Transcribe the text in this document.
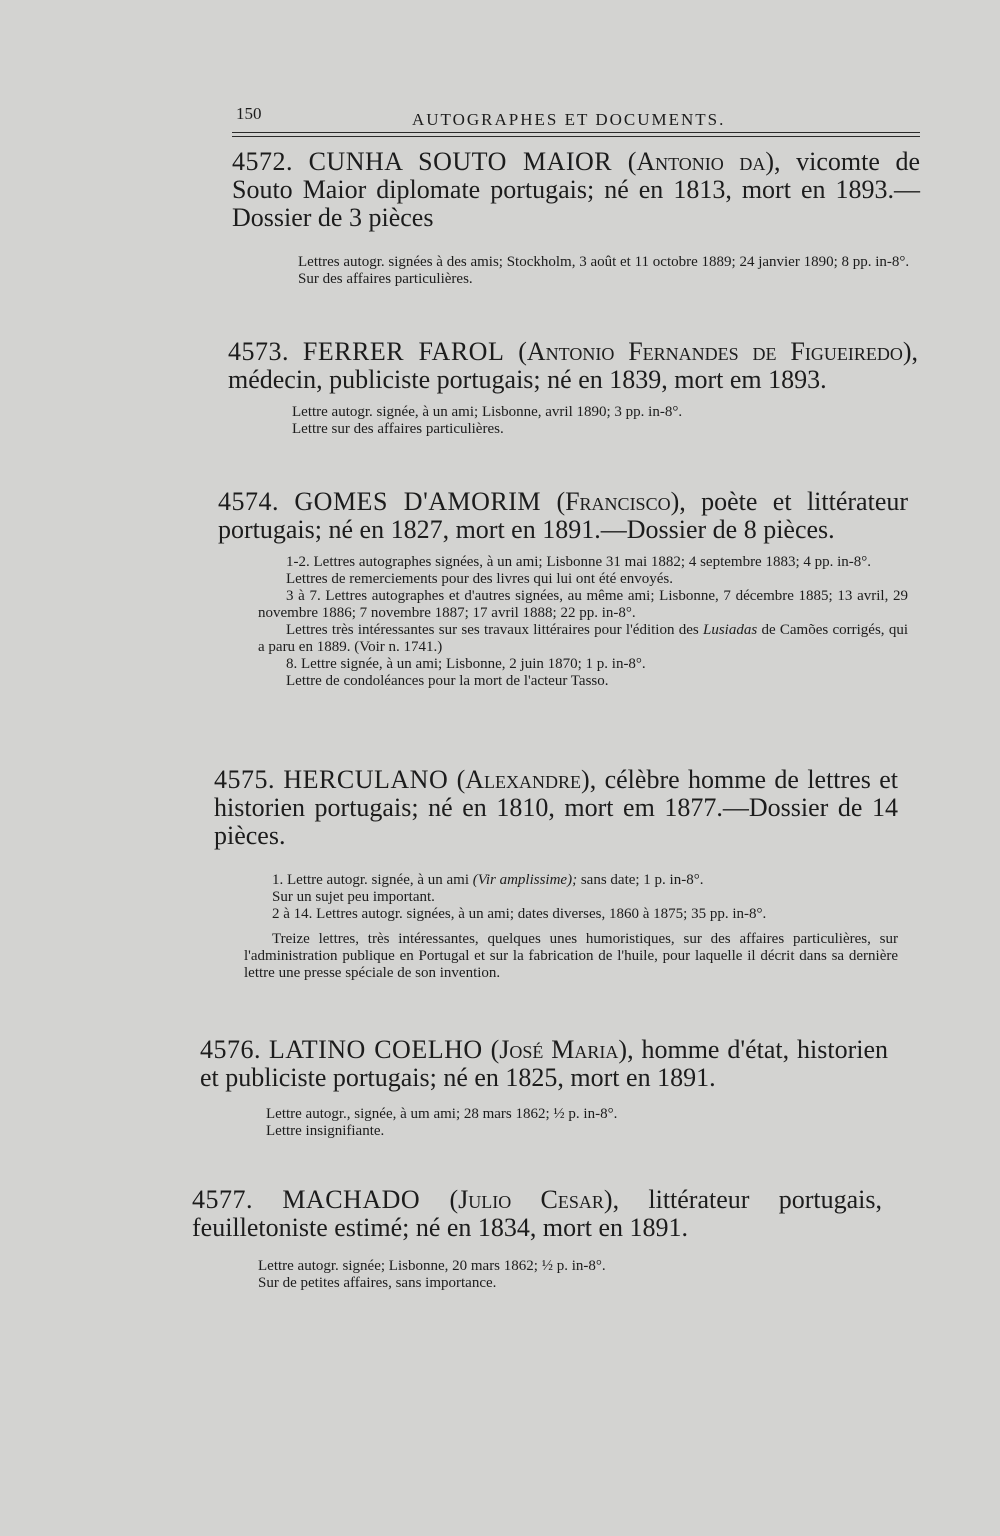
150	AUTOGRAPHES ET DOCUMENTS.

4572. CUNHA SOUTO MAIOR (Antonio da), vicomte de Souto Maior diplomate portugais; né en 1813, mort en 1893.— Dossier de 3 pièces

Lettres autogr. signées à des amis; Stockholm, 3 août et 11 octobre 1889; 24 janvier 1890; 8 pp. in-8°.

Sur des affaires particulières.

4573. FERRER FAROL (Antonio Fernandes de Figueiredo), médecin, publiciste portugais; né en 1839, mort em 1893.

Lettre autogr. signée, à un ami; Lisbonne, avril 1890; 3 pp. in-8°.

Lettre sur des affaires particulières.

4574. GOMES D'AMORIM (Francisco), poète et littérateur portugais; né en 1827, mort en 1891.—Dossier de 8 pièces.

1-2. Lettres autographes signées, à un ami; Lisbonne 31 mai 1882; 4 septembre 1883; 4 pp. in-8°.

Lettres de remerciements pour des livres qui lui ont été envoyés.

3 à 7. Lettres autographes et d'autres signées, au même ami; Lisbonne, 7 décembre 1885; 13 avril, 29 novembre 1886; 7 novembre 1887; 17 avril 1888; 22 pp. in-8°.

Lettres très intéressantes sur ses travaux littéraires pour l'édition des Lusiadas de Camões corrigés, qui a paru en 1889. (Voir n. 1741.)

8. Lettre signée, à un ami; Lisbonne, 2 juin 1870; 1 p. in-8°.

Lettre de condoléances pour la mort de l'acteur Tasso.

4575. HERCULANO (Alexandre), célèbre homme de lettres et historien portugais; né en 1810, mort em 1877.—Dossier de 14 pièces.

1. Lettre autogr. signée, à un ami (Vir amplissime); sans date; 1 p. in-8°.

Sur un sujet peu important.

2 à 14. Lettres autogr. signées, à un ami; dates diverses, 1860 à 1875; 35 pp. in-8°.

Treize lettres, très intéressantes, quelques unes humoristiques, sur des affaires particulières, sur l'administration publique en Portugal et sur la fabrication de l'huile, pour laquelle il décrit dans sa dernière lettre une presse spéciale de son invention.

4576. LATINO COELHO (José Maria), homme d'état, historien et publiciste portugais; né en 1825, mort en 1891.

Lettre autogr., signée, à um ami; 28 mars 1862; ½ p. in-8°.

Lettre insignifiante.

4577. MACHADO (Julio Cesar), littérateur portugais, feuilletoniste estimé; né en 1834, mort en 1891.

Lettre autogr. signée; Lisbonne, 20 mars 1862; ½ p. in-8°.

Sur de petites affaires, sans importance.
